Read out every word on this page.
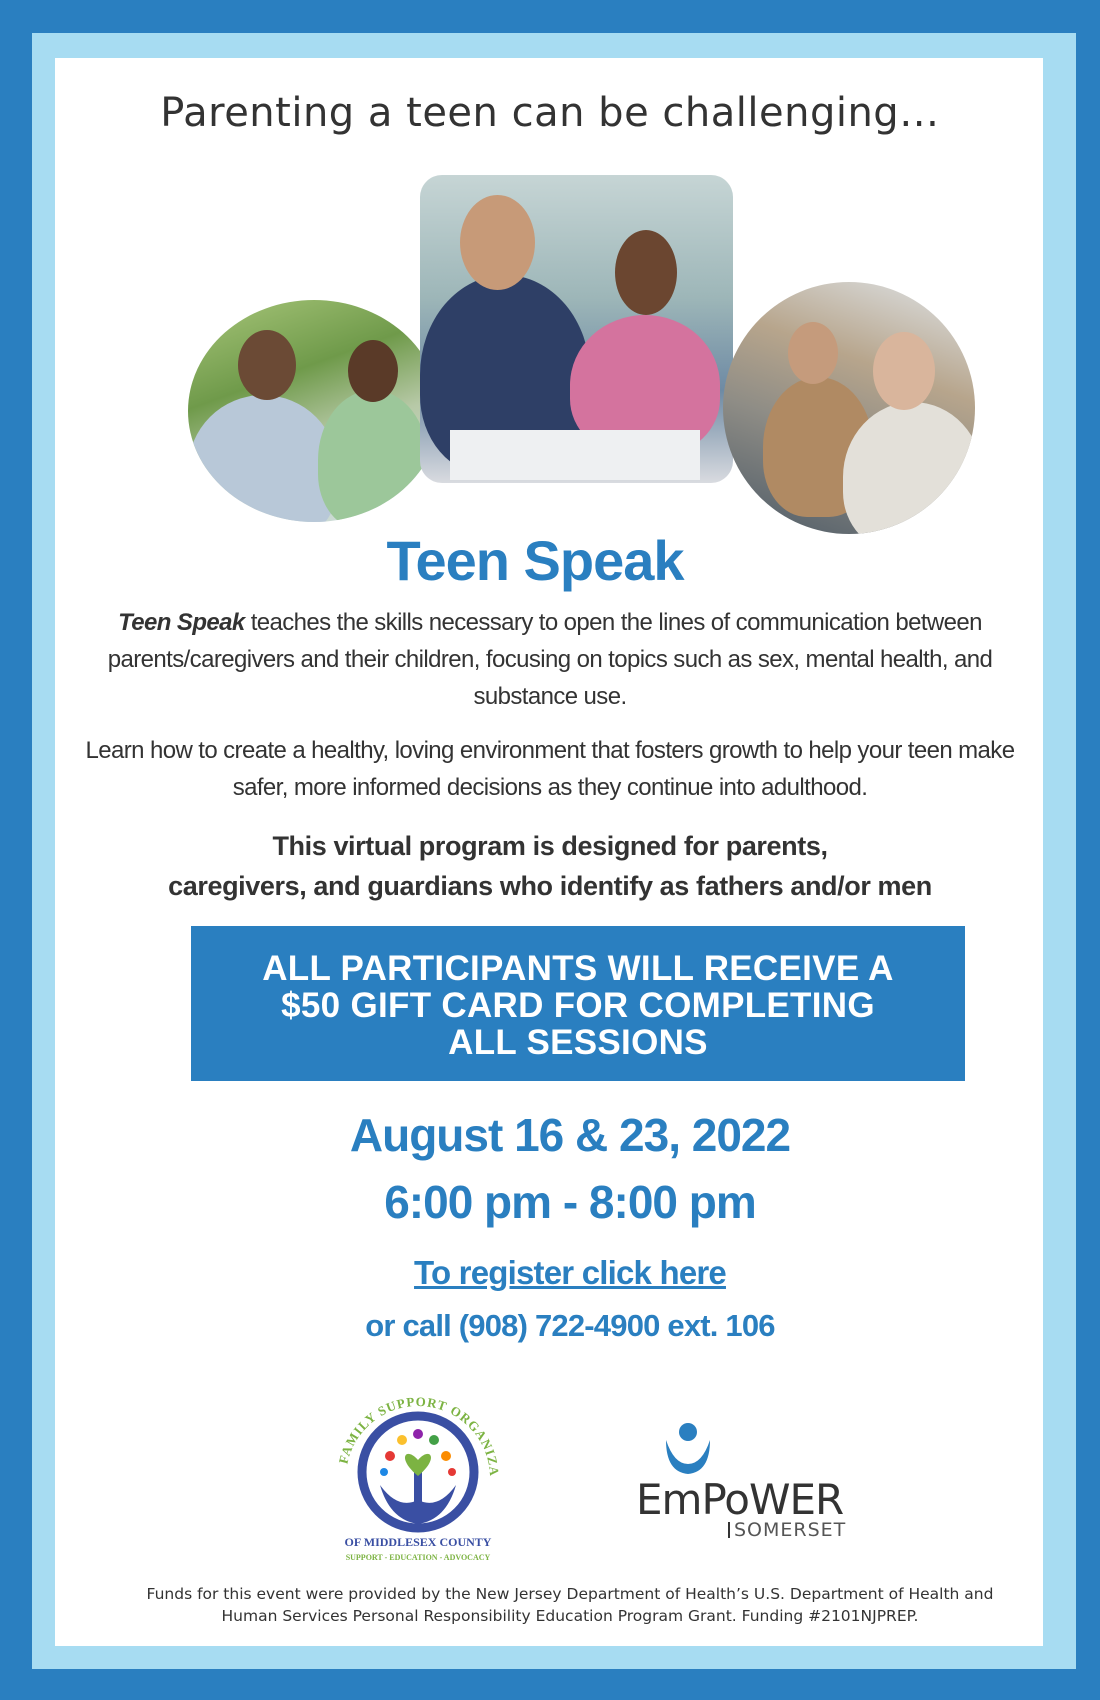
Parenting a teen can be challenging…
Teen Speak
Teen Speak teaches the skills necessary to open the lines of communication between parents/caregivers and their children, focusing on topics such as sex, mental health, and substance use.
Learn how to create a healthy, loving environment that fosters growth to help your teen make safer, more informed decisions as they continue into adulthood.
This virtual program is designed for parents,
caregivers, and guardians who identify as fathers and/or men
ALL PARTICIPANTS WILL RECEIVE A
$50 GIFT CARD FOR COMPLETING
ALL SESSIONS
August 16 & 23, 2022
6:00 pm - 8:00 pm
To register click here
or call (908) 722-4900 ext. 106
FAMILY SUPPORT ORGANIZA
OF MIDDLESEX COUNTY
SUPPORT - EDUCATION - ADVOCACY
EmPoWER
SOMERSET
Funds for this event were provided by the New Jersey Department of Health’s U.S. Department of Health and
Human Services Personal Responsibility Education Program Grant. Funding #2101NJPREP.
